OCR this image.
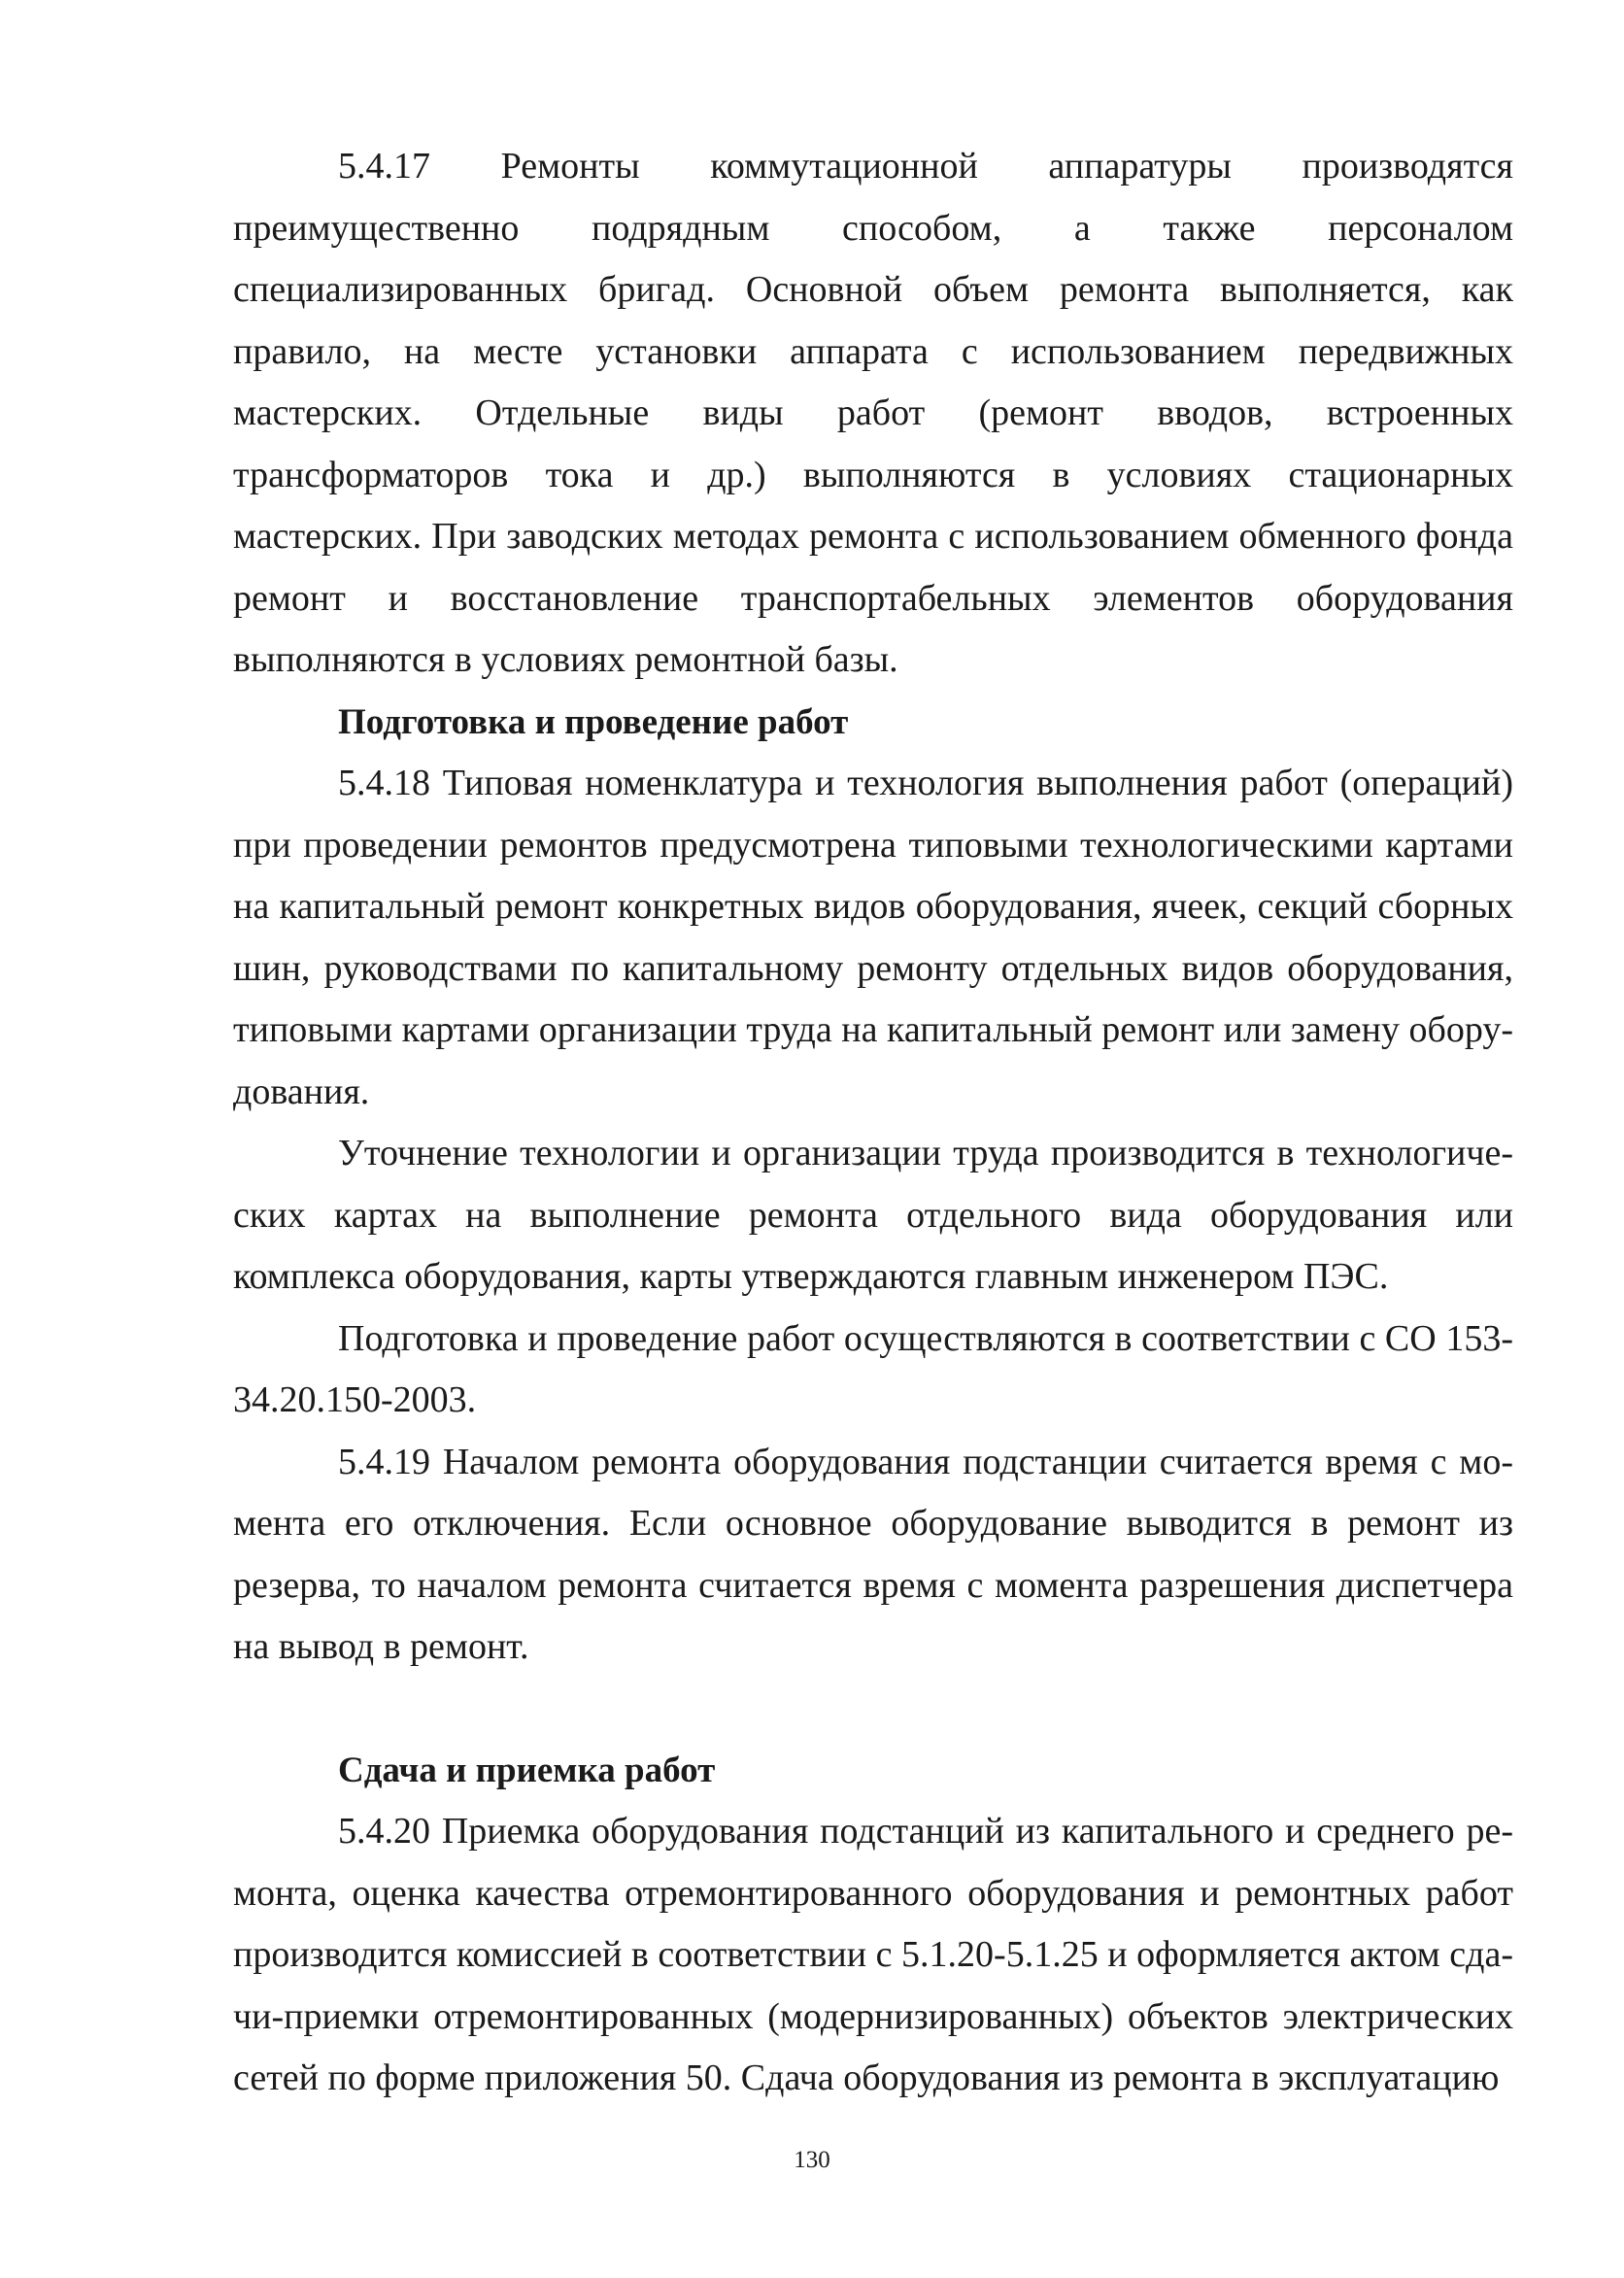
5.4.17 Ремонты коммутационной аппаратуры производятся преимущественно подрядным способом, а также персоналом специализированных бригад. Основной объем ремонта выполняется, как правило, на месте установки аппарата с использованием передвижных мастерских. Отдельные виды работ (ремонт вводов, встроенных трансформаторов тока и др.) выполняются в условиях стационарных мастерских. При заводских методах ремонта с использованием обменного фонда ремонт и восстановление транспортабельных элементов оборудования выполняются в условиях ремонтной базы.

Подготовка и проведение работ

5.4.18 Типовая номенклатура и технология выполнения работ (операций) при проведении ремонтов предусмотрена типовыми технологическими картами на капитальный ремонт конкретных видов оборудования, ячеек, секций сборных шин, руководствами по капитальному ремонту отдельных видов оборудования, типовыми картами организации труда на капитальный ремонт или замену оборудования.

Уточнение технологии и организации труда производится в технологических картах на выполнение ремонта отдельного вида оборудования или комплекса оборудования, карты утверждаются главным инженером ПЭС.

Подготовка и проведение работ осуществляются в соответствии с СО 153-34.20.150-2003.

5.4.19 Началом ремонта оборудования подстанции считается время с момента его отключения. Если основное оборудование выводится в ремонт из резерва, то началом ремонта считается время с момента разрешения диспетчера на вывод в ремонт.

Сдача и приемка работ

5.4.20 Приемка оборудования подстанций из капитального и среднего ремонта, оценка качества отремонтированного оборудования и ремонтных работ производится комиссией в соответствии с 5.1.20-5.1.25 и оформляется актом сдачи-приемки отремонтированных (модернизированных) объектов электрических сетей по форме приложения 50. Сдача оборудования из ремонта в эксплуатацию

130
